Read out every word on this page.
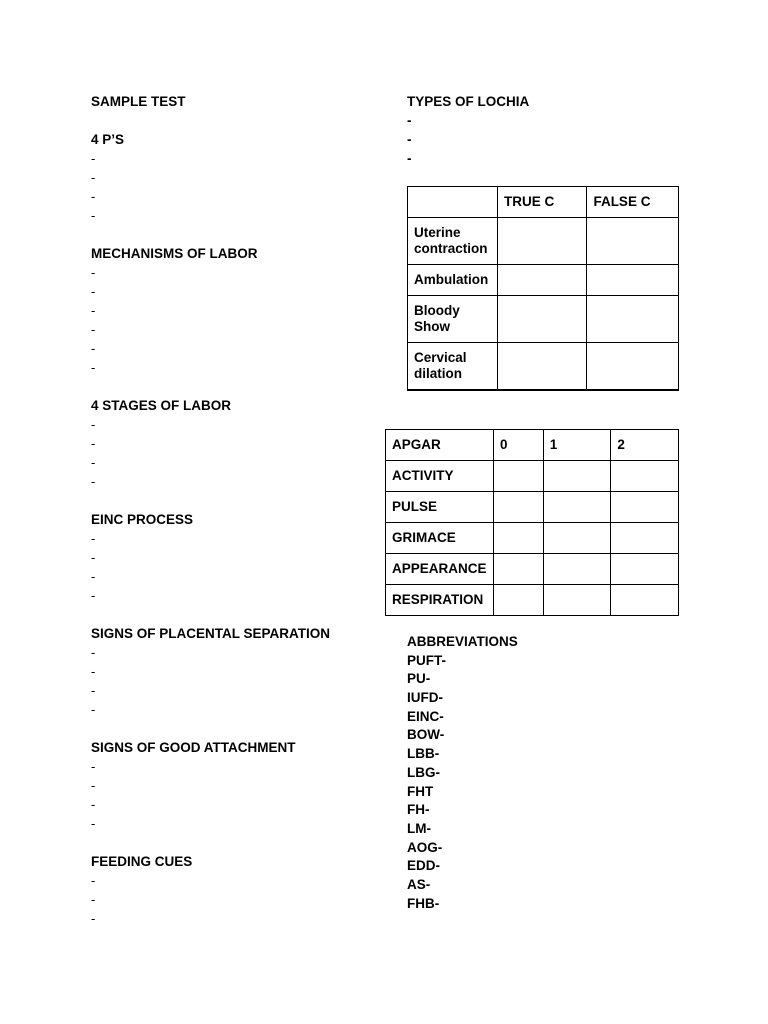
SAMPLE TEST
4 P’S
-
-
-
-
MECHANISMS OF LABOR
-
-
-
-
-
-
4 STAGES OF LABOR
-
-
-
-
EINC PROCESS
-
-
-
-
SIGNS OF PLACENTAL SEPARATION
-
-
-
-
SIGNS OF GOOD ATTACHMENT
-
-
-
-
FEEDING CUES
-
-
-
TYPES OF LOCHIA
-
-
-
	TRUE C	FALSE C
Uterine contraction		
Ambulation		
Bloody Show		
Cervical dilation		
APGAR	0	1	2
ACTIVITY			
PULSE			
GRIMACE			
APPEARANCE			
RESPIRATION			
ABBREVIATIONS
PUFT-
PU-
IUFD-
EINC-
BOW-
LBB-
LBG-
FHT
FH-
LM-
AOG-
EDD-
AS-
FHB-
